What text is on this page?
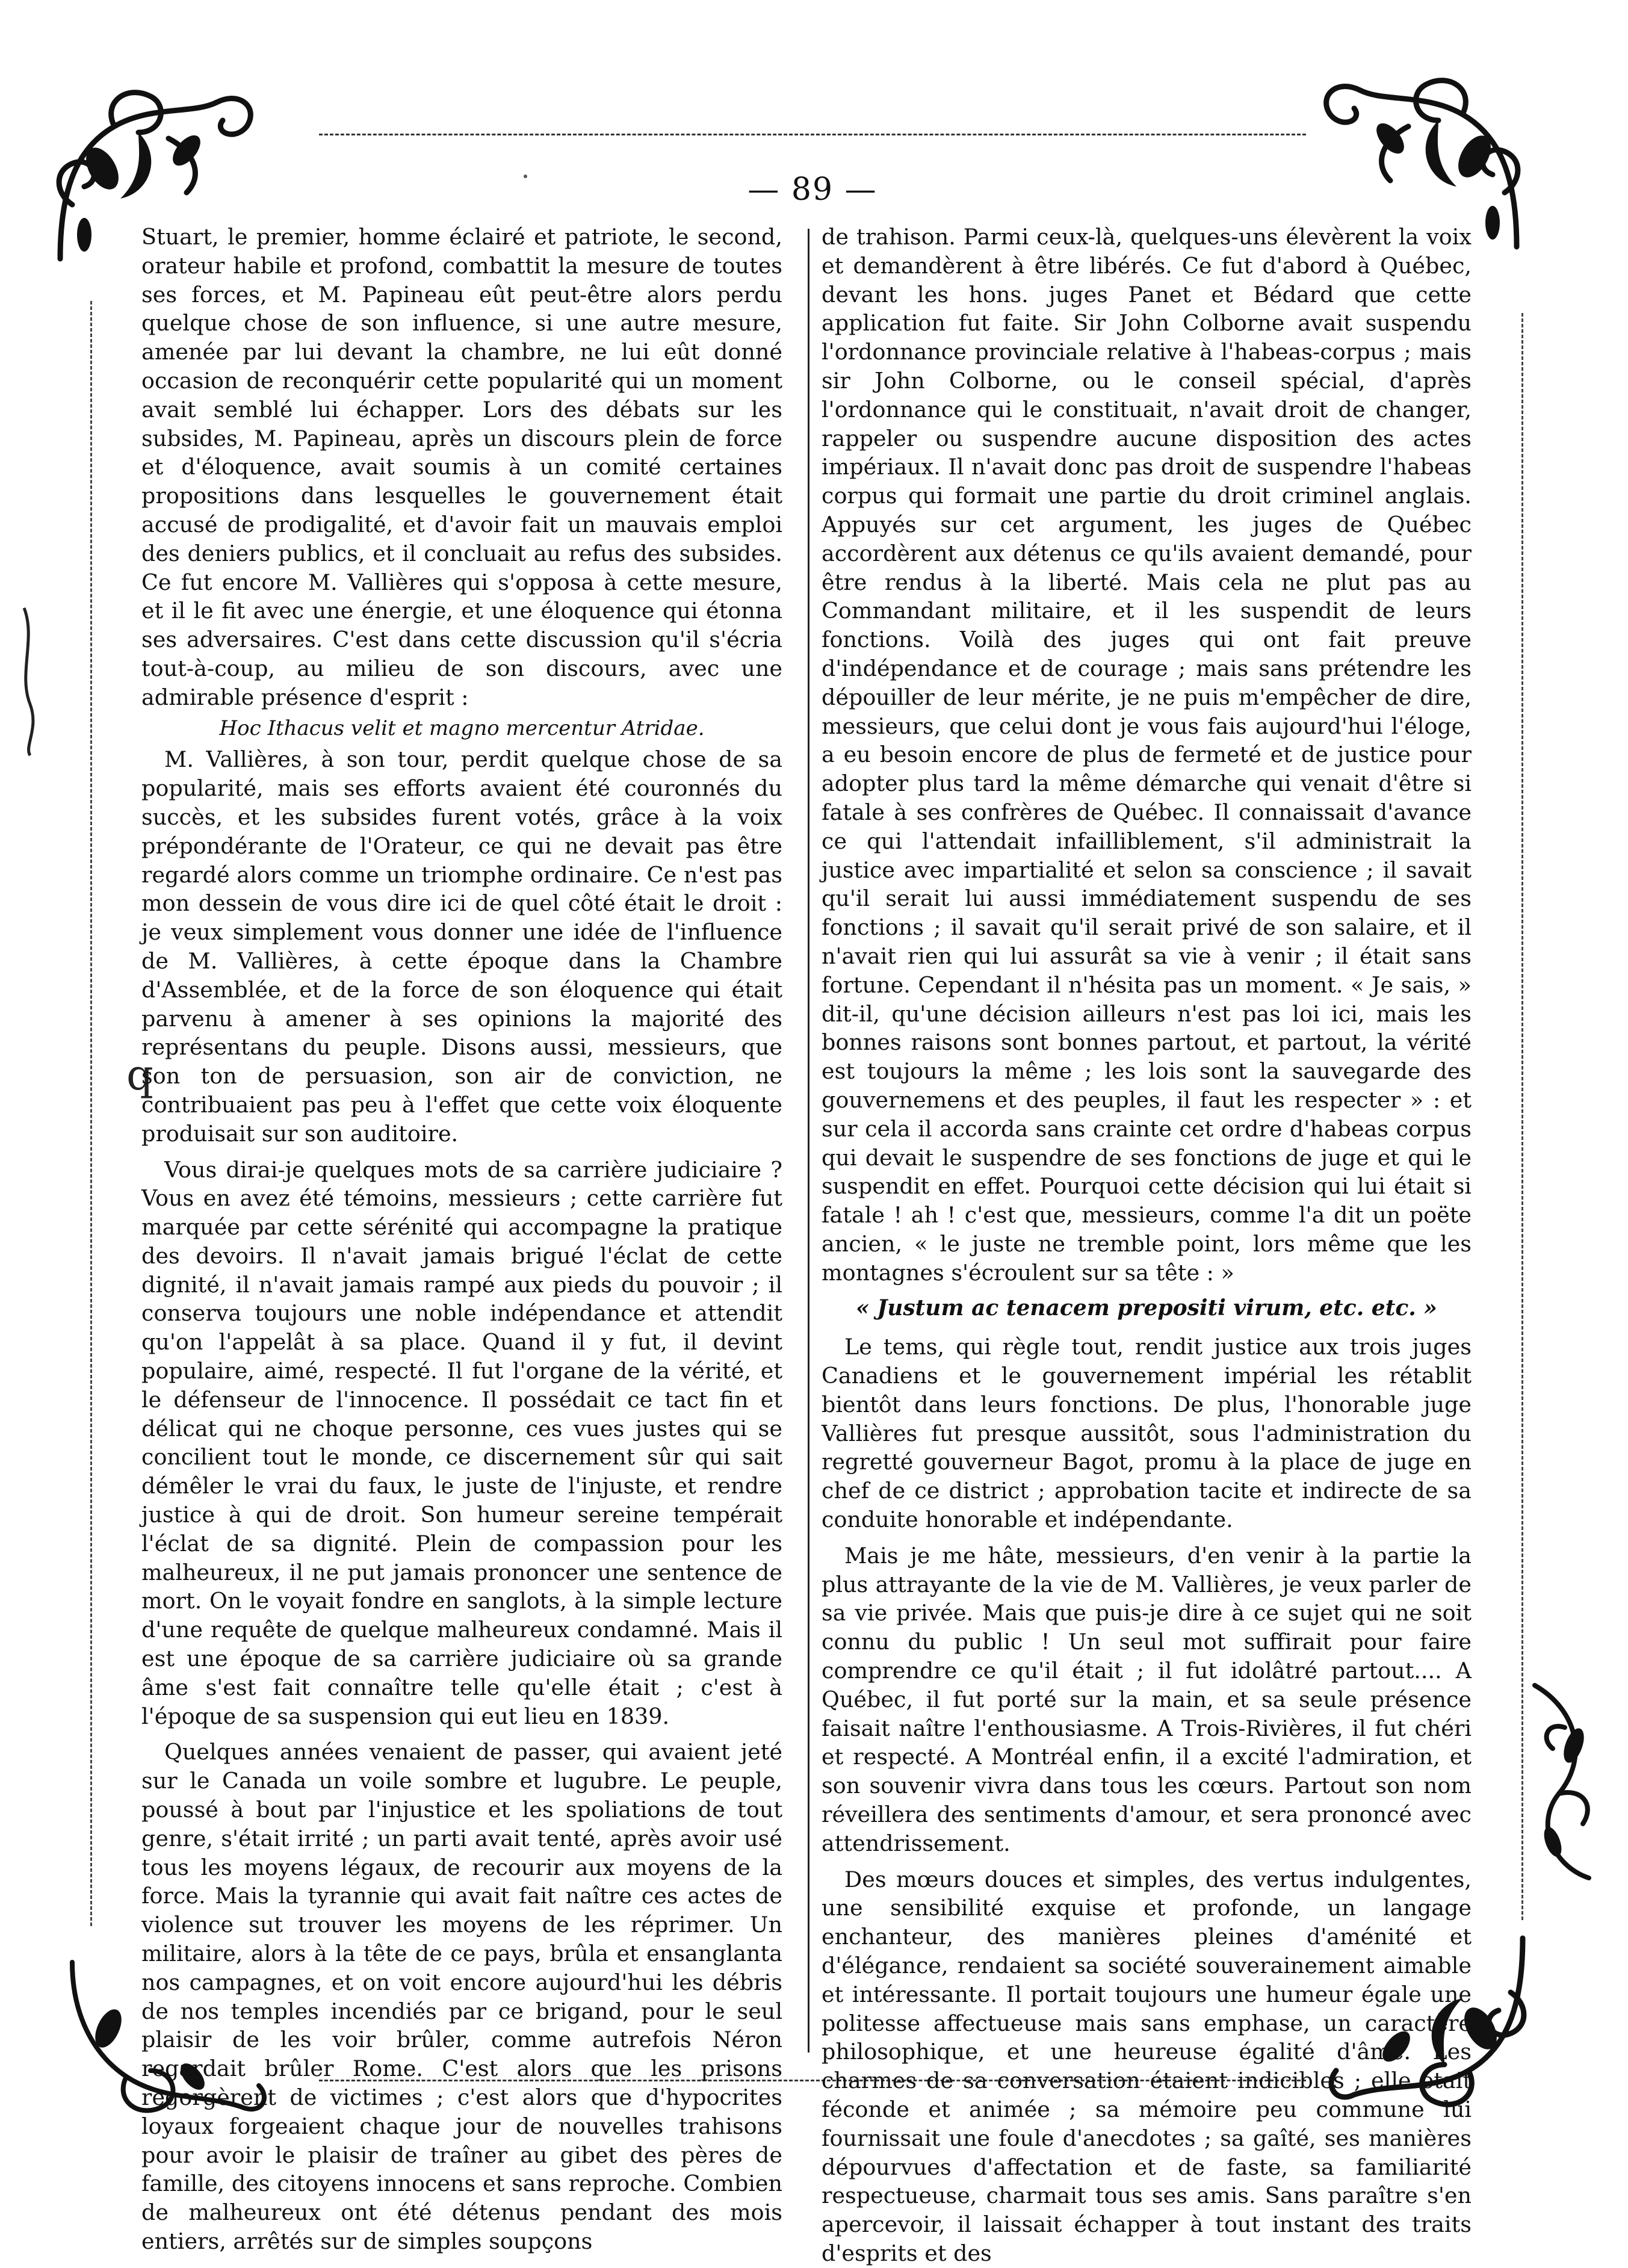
— 89 —
q

Stuart, le premier, homme éclairé et patriote, le second, orateur habile et profond, combattit la mesure de toutes ses forces, et M. Papineau eût peut-être alors perdu quelque chose de son influence, si une autre mesure, amenée par lui devant la chambre, ne lui eût donné occasion de reconquérir cette popularité qui un moment avait semblé lui échapper. Lors des débats sur les subsides, M. Papineau, après un discours plein de force et d'éloquence, avait soumis à un comité certaines propositions dans lesquelles le gouvernement était accusé de prodigalité, et d'avoir fait un mauvais emploi des deniers publics, et il concluait au refus des subsides. Ce fut encore M. Vallières qui s'opposa à cette mesure, et il le fit avec une énergie, et une éloquence qui étonna ses adversaires. C'est dans cette discussion qu'il s'écria tout-à-coup, au milieu de son discours, avec une admirable présence d'esprit :

Hoc Ithacus velit et magno mercentur Atridae.

M. Vallières, à son tour, perdit quelque chose de sa popularité, mais ses efforts avaient été couronnés du succès, et les subsides furent votés, grâce à la voix prépondérante de l'Orateur, ce qui ne devait pas être regardé alors comme un triomphe ordinaire. Ce n'est pas mon dessein de vous dire ici de quel côté était le droit : je veux simplement vous donner une idée de l'influence de M. Vallières, à cette époque dans la Chambre d'Assemblée, et de la force de son éloquence qui était parvenu à amener à ses opinions la majorité des représentans du peuple. Disons aussi, messieurs, que son ton de persuasion, son air de conviction, ne contribuaient pas peu à l'effet que cette voix éloquente produisait sur son auditoire.

Vous dirai-je quelques mots de sa carrière judiciaire ? Vous en avez été témoins, messieurs ; cette carrière fut marquée par cette sérénité qui accompagne la pratique des devoirs. Il n'avait jamais brigué l'éclat de cette dignité, il n'avait jamais rampé aux pieds du pouvoir ; il conserva toujours une noble indépendance et attendit qu'on l'appelât à sa place. Quand il y fut, il devint populaire, aimé, respecté. Il fut l'organe de la vérité, et le défenseur de l'innocence. Il possédait ce tact fin et délicat qui ne choque personne, ces vues justes qui se concilient tout le monde, ce discernement sûr qui sait démêler le vrai du faux, le juste de l'injuste, et rendre justice à qui de droit. Son humeur sereine tempérait l'éclat de sa dignité. Plein de compassion pour les malheureux, il ne put jamais prononcer une sentence de mort. On le voyait fondre en sanglots, à la simple lecture d'une requête de quelque malheureux condamné. Mais il est une époque de sa carrière judiciaire où sa grande âme s'est fait connaître telle qu'elle était ; c'est à l'époque de sa suspension qui eut lieu en 1839.

Quelques années venaient de passer, qui avaient jeté sur le Canada un voile sombre et lugubre. Le peuple, poussé à bout par l'injustice et les spoliations de tout genre, s'était irrité ; un parti avait tenté, après avoir usé tous les moyens légaux, de recourir aux moyens de la force. Mais la tyrannie qui avait fait naître ces actes de violence sut trouver les moyens de les réprimer. Un militaire, alors à la tête de ce pays, brûla et ensanglanta nos campagnes, et on voit encore aujourd'hui les débris de nos temples incendiés par ce brigand, pour le seul plaisir de les voir brûler, comme autrefois Néron regardait brûler Rome. C'est alors que les prisons regorgèrent de victimes ; c'est alors que d'hypocrites loyaux forgeaient chaque jour de nouvelles trahisons pour avoir le plaisir de traîner au gibet des pères de famille, des citoyens innocens et sans reproche. Combien de malheureux ont été détenus pendant des mois entiers, arrêtés sur de simples soupçons

de trahison. Parmi ceux-là, quelques-uns élevèrent la voix et demandèrent à être libérés. Ce fut d'abord à Québec, devant les hons. juges Panet et Bédard que cette application fut faite. Sir John Colborne avait suspendu l'ordonnance provinciale relative à l'habeas-corpus ; mais sir John Colborne, ou le conseil spécial, d'après l'ordonnance qui le constituait, n'avait droit de changer, rappeler ou suspendre aucune disposition des actes impériaux. Il n'avait donc pas droit de suspendre l'habeas corpus qui formait une partie du droit criminel anglais. Appuyés sur cet argument, les juges de Québec accordèrent aux détenus ce qu'ils avaient demandé, pour être rendus à la liberté. Mais cela ne plut pas au Commandant militaire, et il les suspendit de leurs fonctions. Voilà des juges qui ont fait preuve d'indépendance et de courage ; mais sans prétendre les dépouiller de leur mérite, je ne puis m'empêcher de dire, messieurs, que celui dont je vous fais aujourd'hui l'éloge, a eu besoin encore de plus de fermeté et de justice pour adopter plus tard la même démarche qui venait d'être si fatale à ses confrères de Québec. Il connaissait d'avance ce qui l'attendait infailliblement, s'il administrait la justice avec impartialité et selon sa conscience ; il savait qu'il serait lui aussi immédiatement suspendu de ses fonctions ; il savait qu'il serait privé de son salaire, et il n'avait rien qui lui assurât sa vie à venir ; il était sans fortune. Cependant il n'hésita pas un moment. « Je sais, » dit-il, qu'une décision ailleurs n'est pas loi ici, mais les bonnes raisons sont bonnes partout, et partout, la vérité est toujours la même ; les lois sont la sauvegarde des gouvernemens et des peuples, il faut les respecter » : et sur cela il accorda sans crainte cet ordre d'habeas corpus qui devait le suspendre de ses fonctions de juge et qui le suspendit en effet. Pourquoi cette décision qui lui était si fatale ! ah ! c'est que, messieurs, comme l'a dit un poëte ancien, « le juste ne tremble point, lors même que les montagnes s'écroulent sur sa tête : »

« Justum ac tenacem prepositi virum, etc. etc. »

Le tems, qui règle tout, rendit justice aux trois juges Canadiens et le gouvernement impérial les rétablit bientôt dans leurs fonctions. De plus, l'honorable juge Vallières fut presque aussitôt, sous l'administration du regretté gouverneur Bagot, promu à la place de juge en chef de ce district ; approbation tacite et indirecte de sa conduite honorable et indépendante.

Mais je me hâte, messieurs, d'en venir à la partie la plus attrayante de la vie de M. Vallières, je veux parler de sa vie privée. Mais que puis-je dire à ce sujet qui ne soit connu du public ! Un seul mot suffirait pour faire comprendre ce qu'il était ; il fut idolâtré partout.... A Québec, il fut porté sur la main, et sa seule présence faisait naître l'enthousiasme. A Trois-Rivières, il fut chéri et respecté. A Montréal enfin, il a excité l'admiration, et son souvenir vivra dans tous les cœurs. Partout son nom réveillera des sentiments d'amour, et sera prononcé avec attendrissement.

Des mœurs douces et simples, des vertus indulgentes, une sensibilité exquise et profonde, un langage enchanteur, des manières pleines d'aménité et d'élégance, rendaient sa société souverainement aimable et intéressante. Il portait toujours une humeur égale une politesse affectueuse mais sans emphase, un caractère philosophique, et une heureuse égalité d'âme. Les charmes de sa conversation étaient indicibles ; elle était féconde et animée ; sa mémoire peu commune lui fournissait une foule d'anecdotes ; sa gaîté, ses manières dépourvues d'affectation et de faste, sa familiarité respectueuse, charmait tous ses amis. Sans paraître s'en apercevoir, il laissait échapper à tout instant des traits d'esprits et des
